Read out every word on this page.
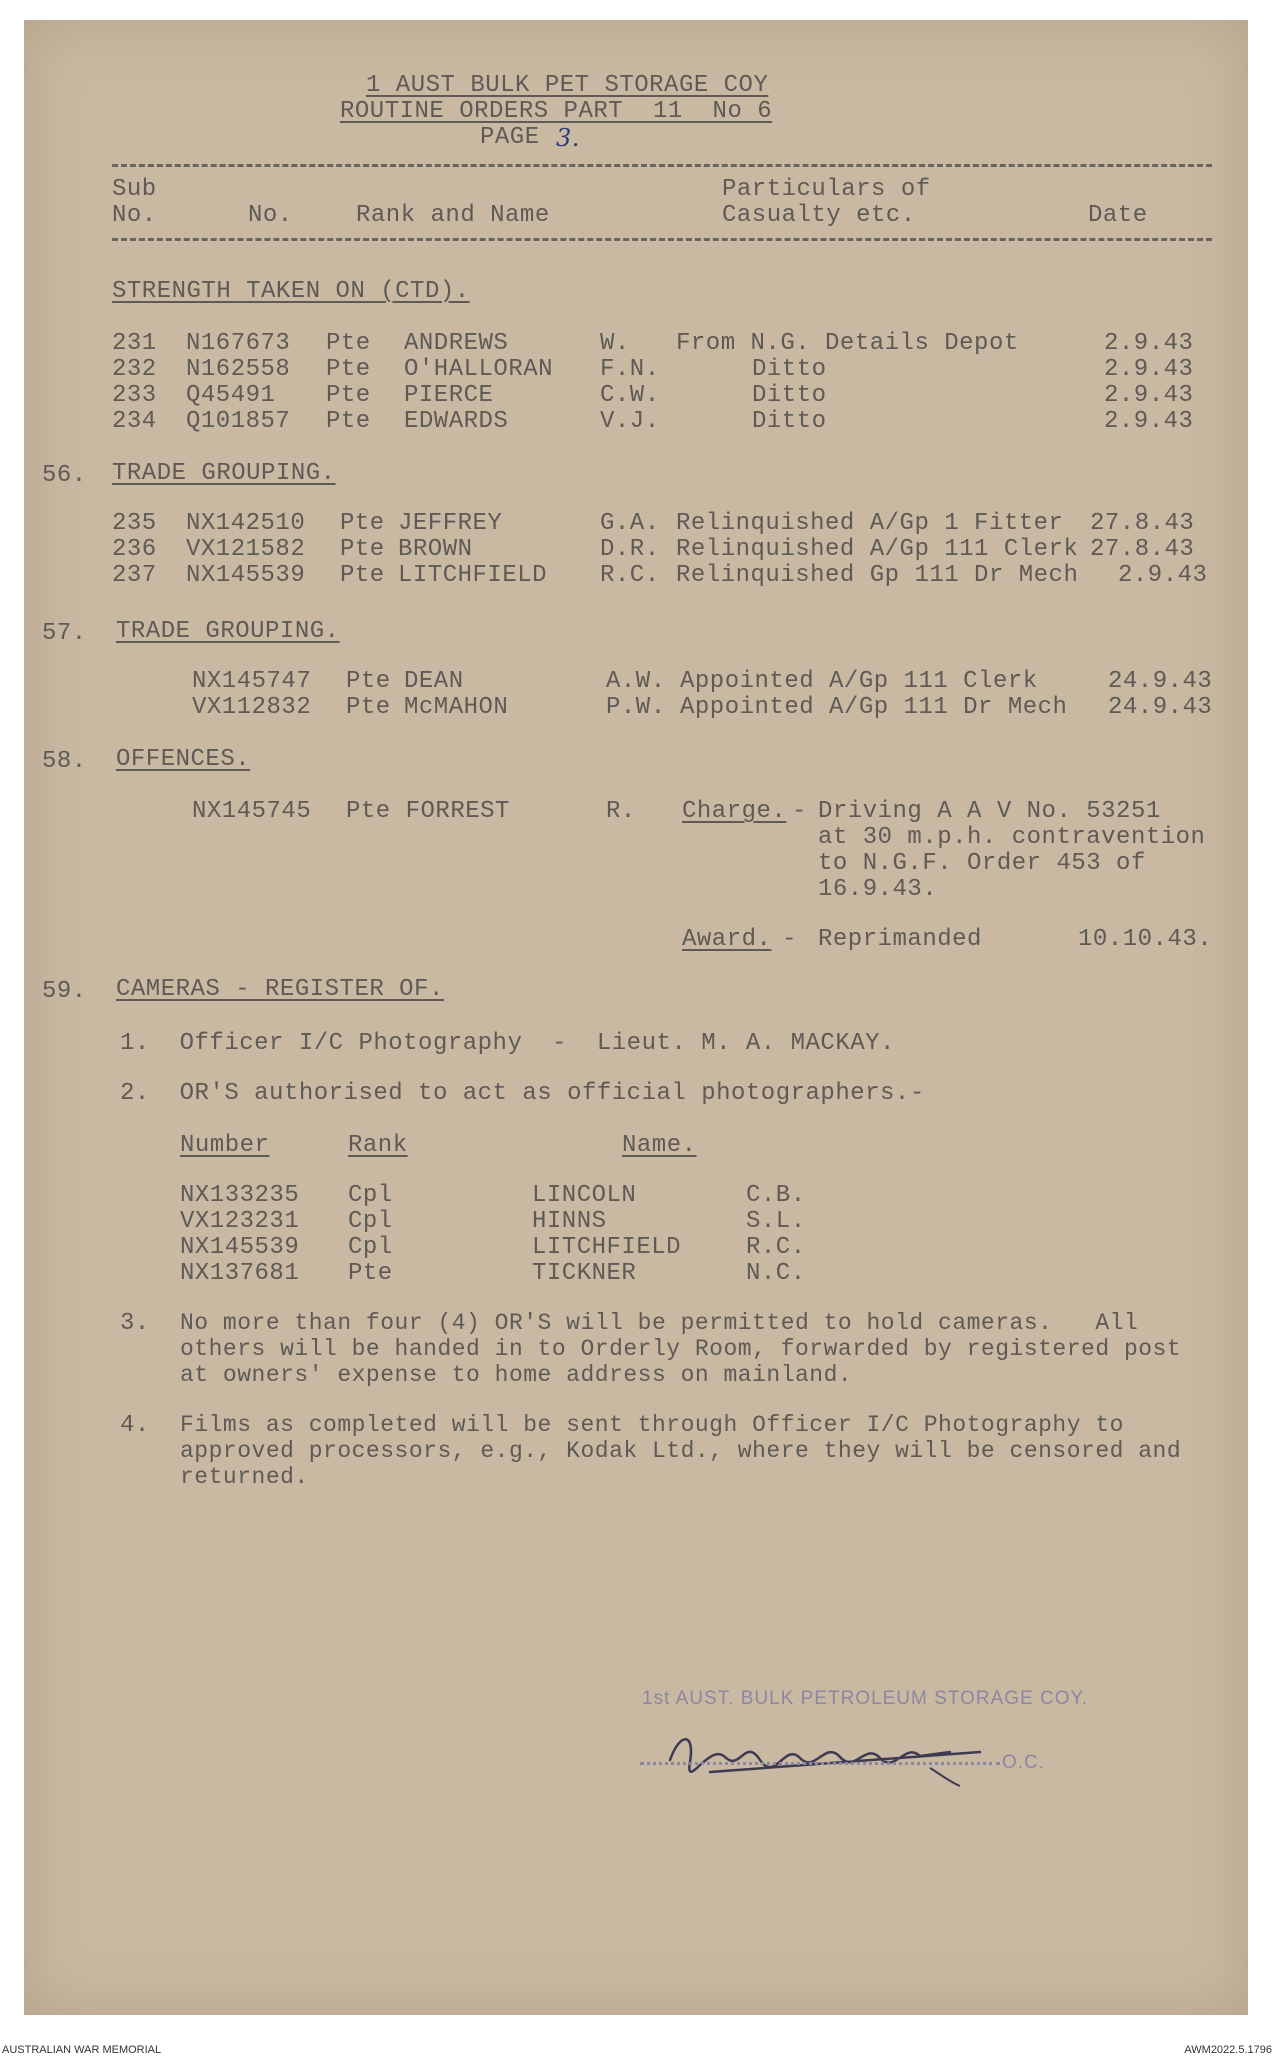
1 AUST BULK PET STORAGE COY
ROUTINE ORDERS PART  11  No 6
PAGE 3.
Sub
No.	No.	Rank and Name
Particulars of
Casualty etc.	Date
STRENGTH TAKEN ON (CTD).
231 N167673 Pte ANDREWS	W. From N.G. Details Depot	2.9.43
232 N162558 Pte O'HALLORAN F.N.	Ditto	2.9.43
233 Q45491 Pte PIERCE	C.W.	Ditto	2.9.43
234 Q101857 Pte EDWARDS	V.J.	Ditto	2.9.43
56. TRADE GROUPING.
235 NX142510 Pte JEFFREY	G.A. Relinquished A/Gp 1 Fitter 27.8.43
236 VX121582 Pte BROWN	D.R. Relinquished A/Gp 111 Clerk 27.8.43
237 NX145539 Pte LITCHFIELD R.C. Relinquished Gp 111 Dr Mech 2.9.43
57. TRADE GROUPING.
NX145747 Pte DEAN	A.W. Appointed A/Gp 111 Clerk	24.9.43
VX112832 Pte McMAHON	P.W. Appointed A/Gp 111 Dr Mech 24.9.43
58. OFFENCES.
NX145745 Pte FORREST	R. Charge. - Driving A A V No. 53251
at 30 m.p.h. contravention
to N.G.F. Order 453 of
16.9.43.
Award. - Reprimanded	10.10.43.
59. CAMERAS - REGISTER OF.
1.  Officer I/C Photography  -  Lieut. M. A. MACKAY.
2.  OR'S authorised to act as official photographers.-
Number	Rank	Name.
NX133235 Cpl	LINCOLN	C.B.
VX123231 Cpl	HINNS	S.L.
NX145539 Cpl	LITCHFIELD	R.C.
NX137681 Pte	TICKNER	N.C.
3. No more than four (4) OR'S will be permitted to hold cameras.   All
others will be handed in to Orderly Room, forwarded by registered post
at owners' expense to home address on mainland.
4. Films as completed will be sent through Officer I/C Photography to
approved processors, e.g., Kodak Ltd., where they will be censored and
returned.
1st AUST. BULK PETROLEUM STORAGE COY.
O.C.
AUSTRALIAN WAR MEMORIAL	AWM2022.5.1796
